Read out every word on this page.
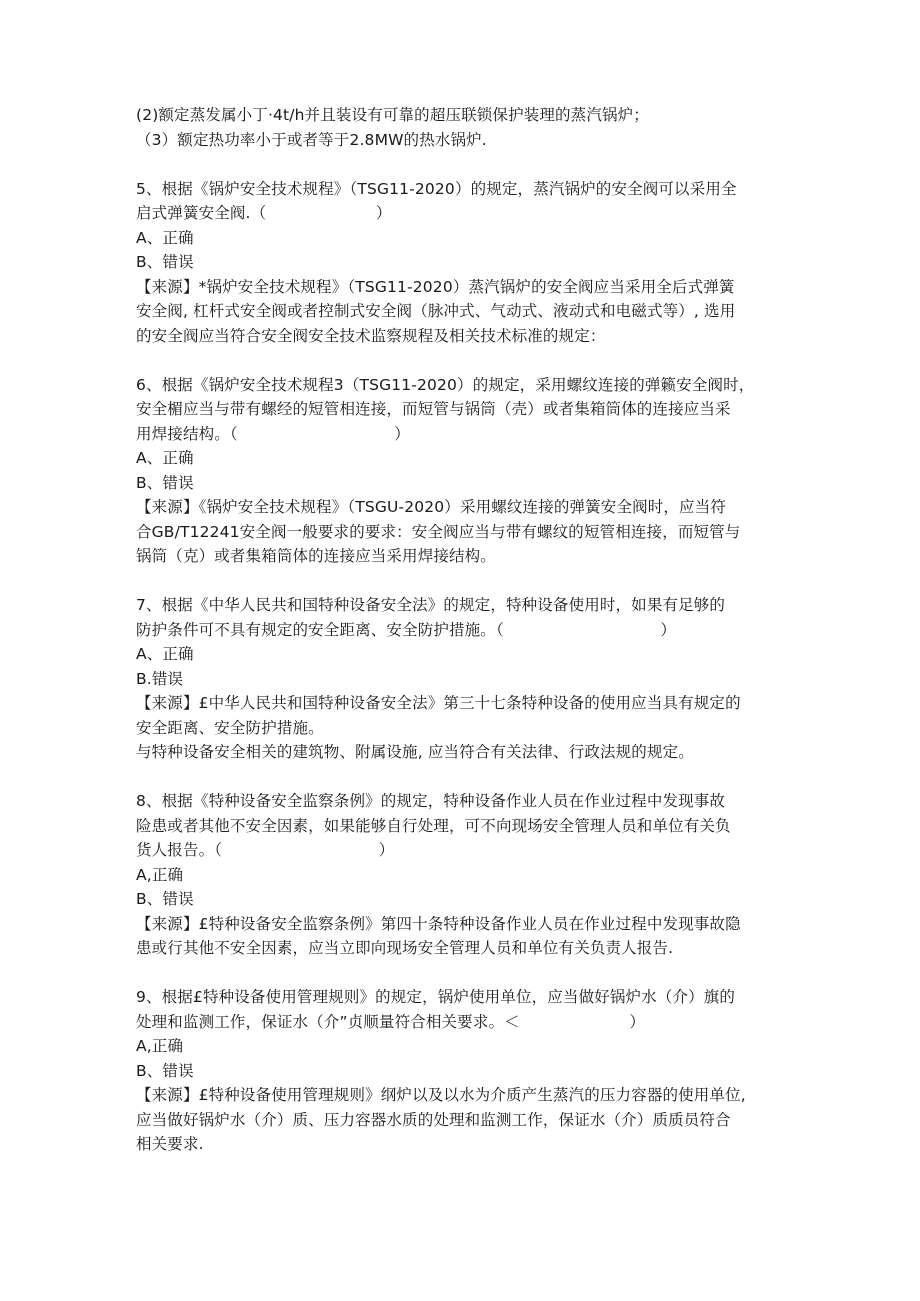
(2)额定蒸发属小丁·4t/h并且装设有可靠的超压联锁保护装理的蒸汽锅炉；
（3）额定热功率小于或者等于2.8MW的热水锅炉.
5、根据《锅炉安全技术规程》（TSG11-2020）的规定，蒸汽锅炉的安全阀可以采用全
启式弹簧安全阀.（　　　　　　　）
A、正确
B、错误
【来源】*锅炉安全技术规程》（TSG11-2020）蒸汽锅炉的安全阀应当采用全后式弹簧
安全阀, 杠杆式安全阀或者控制式安全阀（脉冲式、气动式、液动式和电磁式等）, 选用
的安全阀应当符合安全阀安全技术监察规程及相关技术标准的规定：
6、根据《锅炉安全技术规程3（TSG11-2020）的规定，采用螺纹连接的弹籁安全阀时，
安全楣应当与带有螺经的短管相连接，而短管与锅筒（壳）或者集箱筒体的连接应当采
用焊接结构。（　　　　　　　　　　）
A、正确
B、错误
【来源】《锅炉安全技术规程》（TSGU-2020）采用螺纹连接的弹簧安全阀时，应当符
合GB/T12241安全阀一般要求的要求：安全阀应当与带有螺纹的短管相连接，而短管与
锅筒（克）或者集箱筒体的连接应当采用焊接结构。
7、根据《中华人民共和国特种设备安全法》的规定，特种设备使用时，如果有足够的
防护条件可不具有规定的安全距离、安全防护措施。（　　　　　　　　　　）
A、正确
B.错误
【来源】£中华人民共和国特种设备安全法》第三十七条特种设备的使用应当具有规定的
安全距离、安全防护措施。
与特种设备安全相关的建筑物、附属设施, 应当符合有关法律、行政法规的规定。
8、根据《特种设备安全监察条例》的规定，特种设备作业人员在作业过程中发现事故
险患或者其他不安全因素，如果能够自行处理，可不向现场安全管理人员和单位有关负
货人报告。（　　　　　　　　　　）
A,正确
B、错误
【来源】£特种设备安全监察条例》第四十条特种设备作业人员在作业过程中发现事故隐
患或行其他不安全因素，应当立即向现场安全管理人员和单位有关负责人报告.
9、根据£特种设备使用管理规则》的规定，锅炉使用单位，应当做好锅炉水（介）旗的
处理和监测工作，保证水（介”贞顺量符合相关要求。＜　　　　　　　）
A,正确
B、错误
【来源】£特种设备使用管理规则》纲炉以及以水为介质产生蒸汽的压力容器的使用单位,
应当做好锅炉水（介）质、压力容器水质的处理和监测工作，保证水（介）质质员符合
相关要求.
